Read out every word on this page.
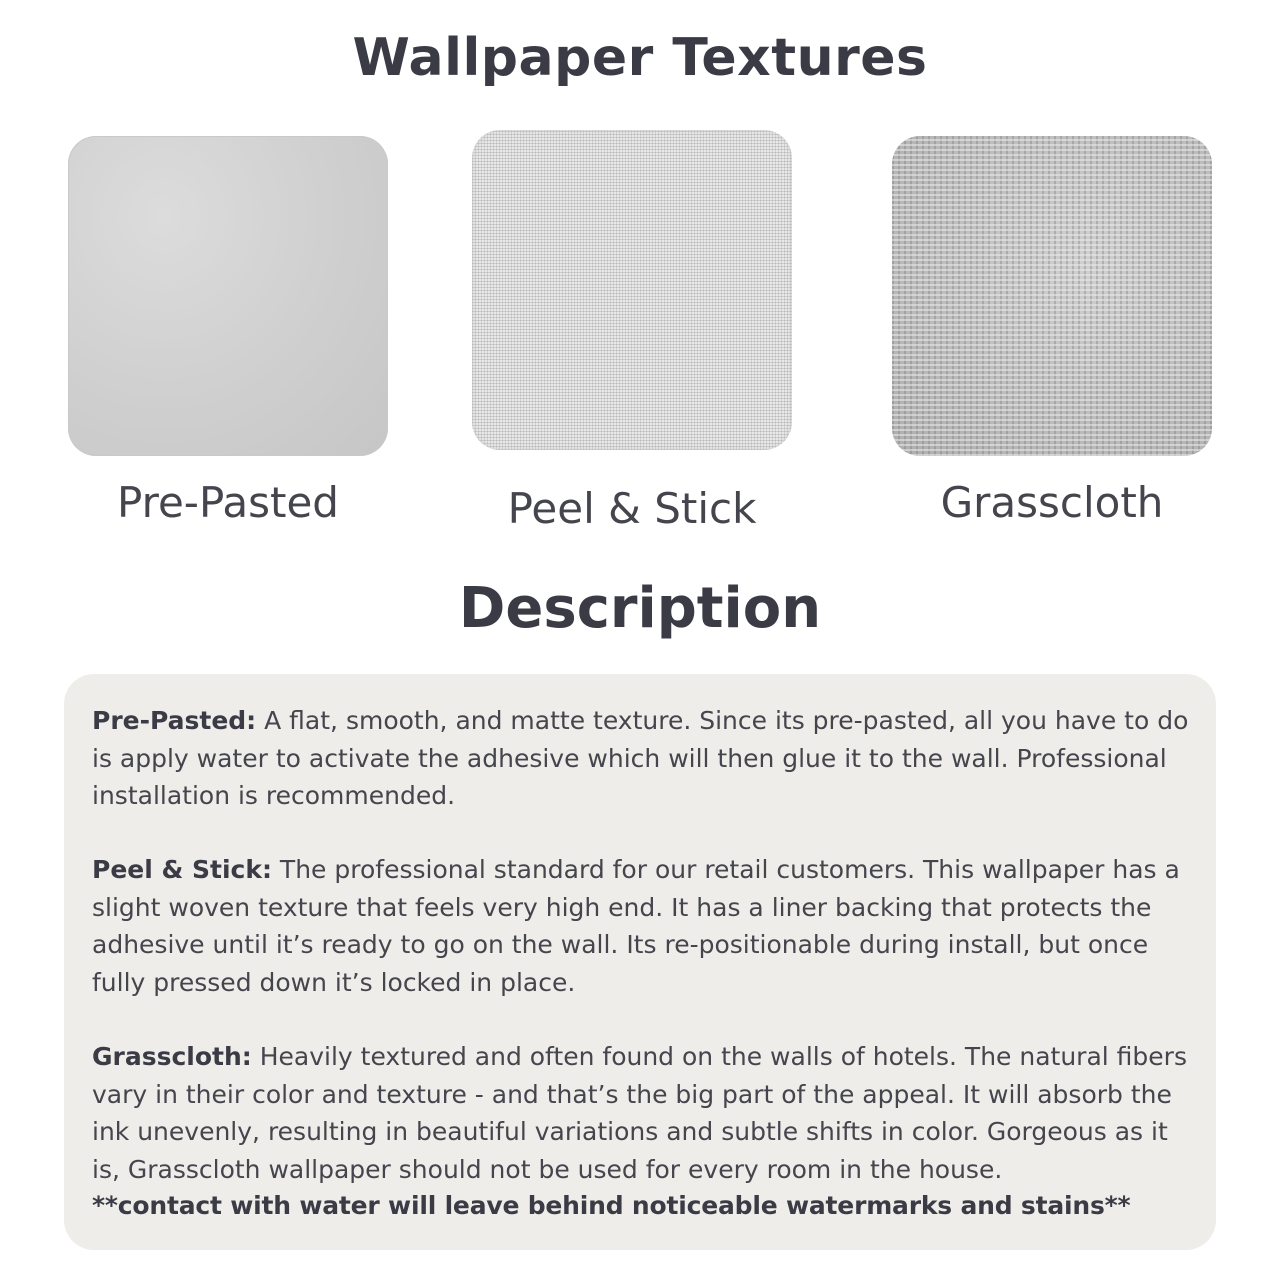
Wallpaper Textures

Pre-Pasted	Peel & Stick	Grasscloth

Description

Pre-Pasted: A flat, smooth, and matte texture. Since its pre-pasted, all you have to do is apply water to activate the adhesive which will then glue it to the wall. Professional installation is recommended.

Peel & Stick: The professional standard for our retail customers. This wallpaper has a slight woven texture that feels very high end. It has a liner backing that protects the adhesive until it’s ready to go on the wall. Its re-positionable during install, but once fully pressed down it’s locked in place.

Grasscloth: Heavily textured and often found on the walls of hotels. The natural fibers vary in their color and texture - and that’s the big part of the appeal. It will absorb the ink unevenly, resulting in beautiful variations and subtle shifts in color. Gorgeous as it is, Grasscloth wallpaper should not be used for every room in the house.

**contact with water will leave behind noticeable watermarks and stains**
